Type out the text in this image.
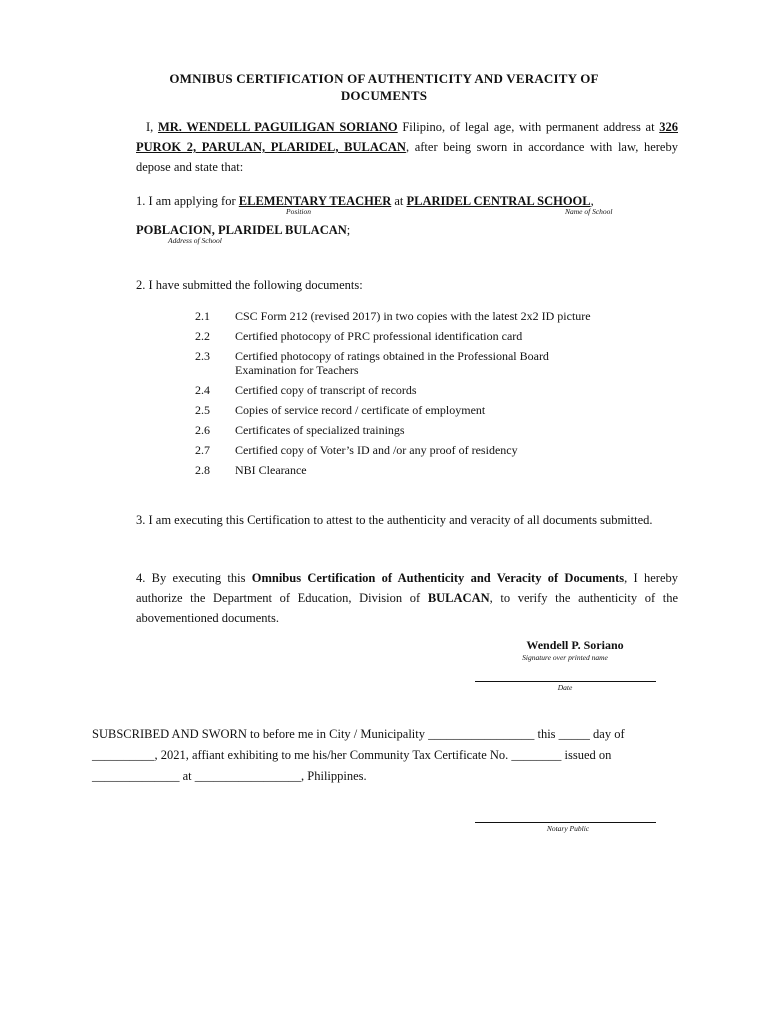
OMNIBUS CERTIFICATION OF AUTHENTICITY AND VERACITY OF
DOCUMENTS
I, MR. WENDELL PAGUILIGAN SORIANO Filipino, of legal age, with permanent address at 326 PUROK 2, PARULAN, PLARIDEL, BULACAN, after being sworn in accordance with law, hereby depose and state that:
1. I am applying for ELEMENTARY TEACHER at PLARIDEL CENTRAL SCHOOL,
Position	Name of School
POBLACION, PLARIDEL BULACAN;
Address of School
2. I have submitted the following documents:
2.1	CSC Form 212 (revised 2017) in two copies with the latest 2x2 ID picture
2.2	Certified photocopy of PRC professional identification card
2.3	Certified photocopy of ratings obtained in the Professional Board Examination for Teachers
2.4	Certified copy of transcript of records
2.5	Copies of service record / certificate of employment
2.6	Certificates of specialized trainings
2.7	Certified copy of Voter’s ID and /or any proof of residency
2.8	NBI Clearance
3. I am executing this Certification to attest to the authenticity and veracity of all documents submitted.
4. By executing this Omnibus Certification of Authenticity and Veracity of Documents, I hereby authorize the Department of Education, Division of BULACAN, to verify the authenticity of the abovementioned documents.
Wendell P. Soriano
Signature over printed name
Date
SUBSCRIBED AND SWORN to before me in City / Municipality _________________ this _____ day of
__________, 2021, affiant exhibiting to me his/her Community Tax Certificate No. ________ issued on
______________ at _________________, Philippines.
Notary Public
